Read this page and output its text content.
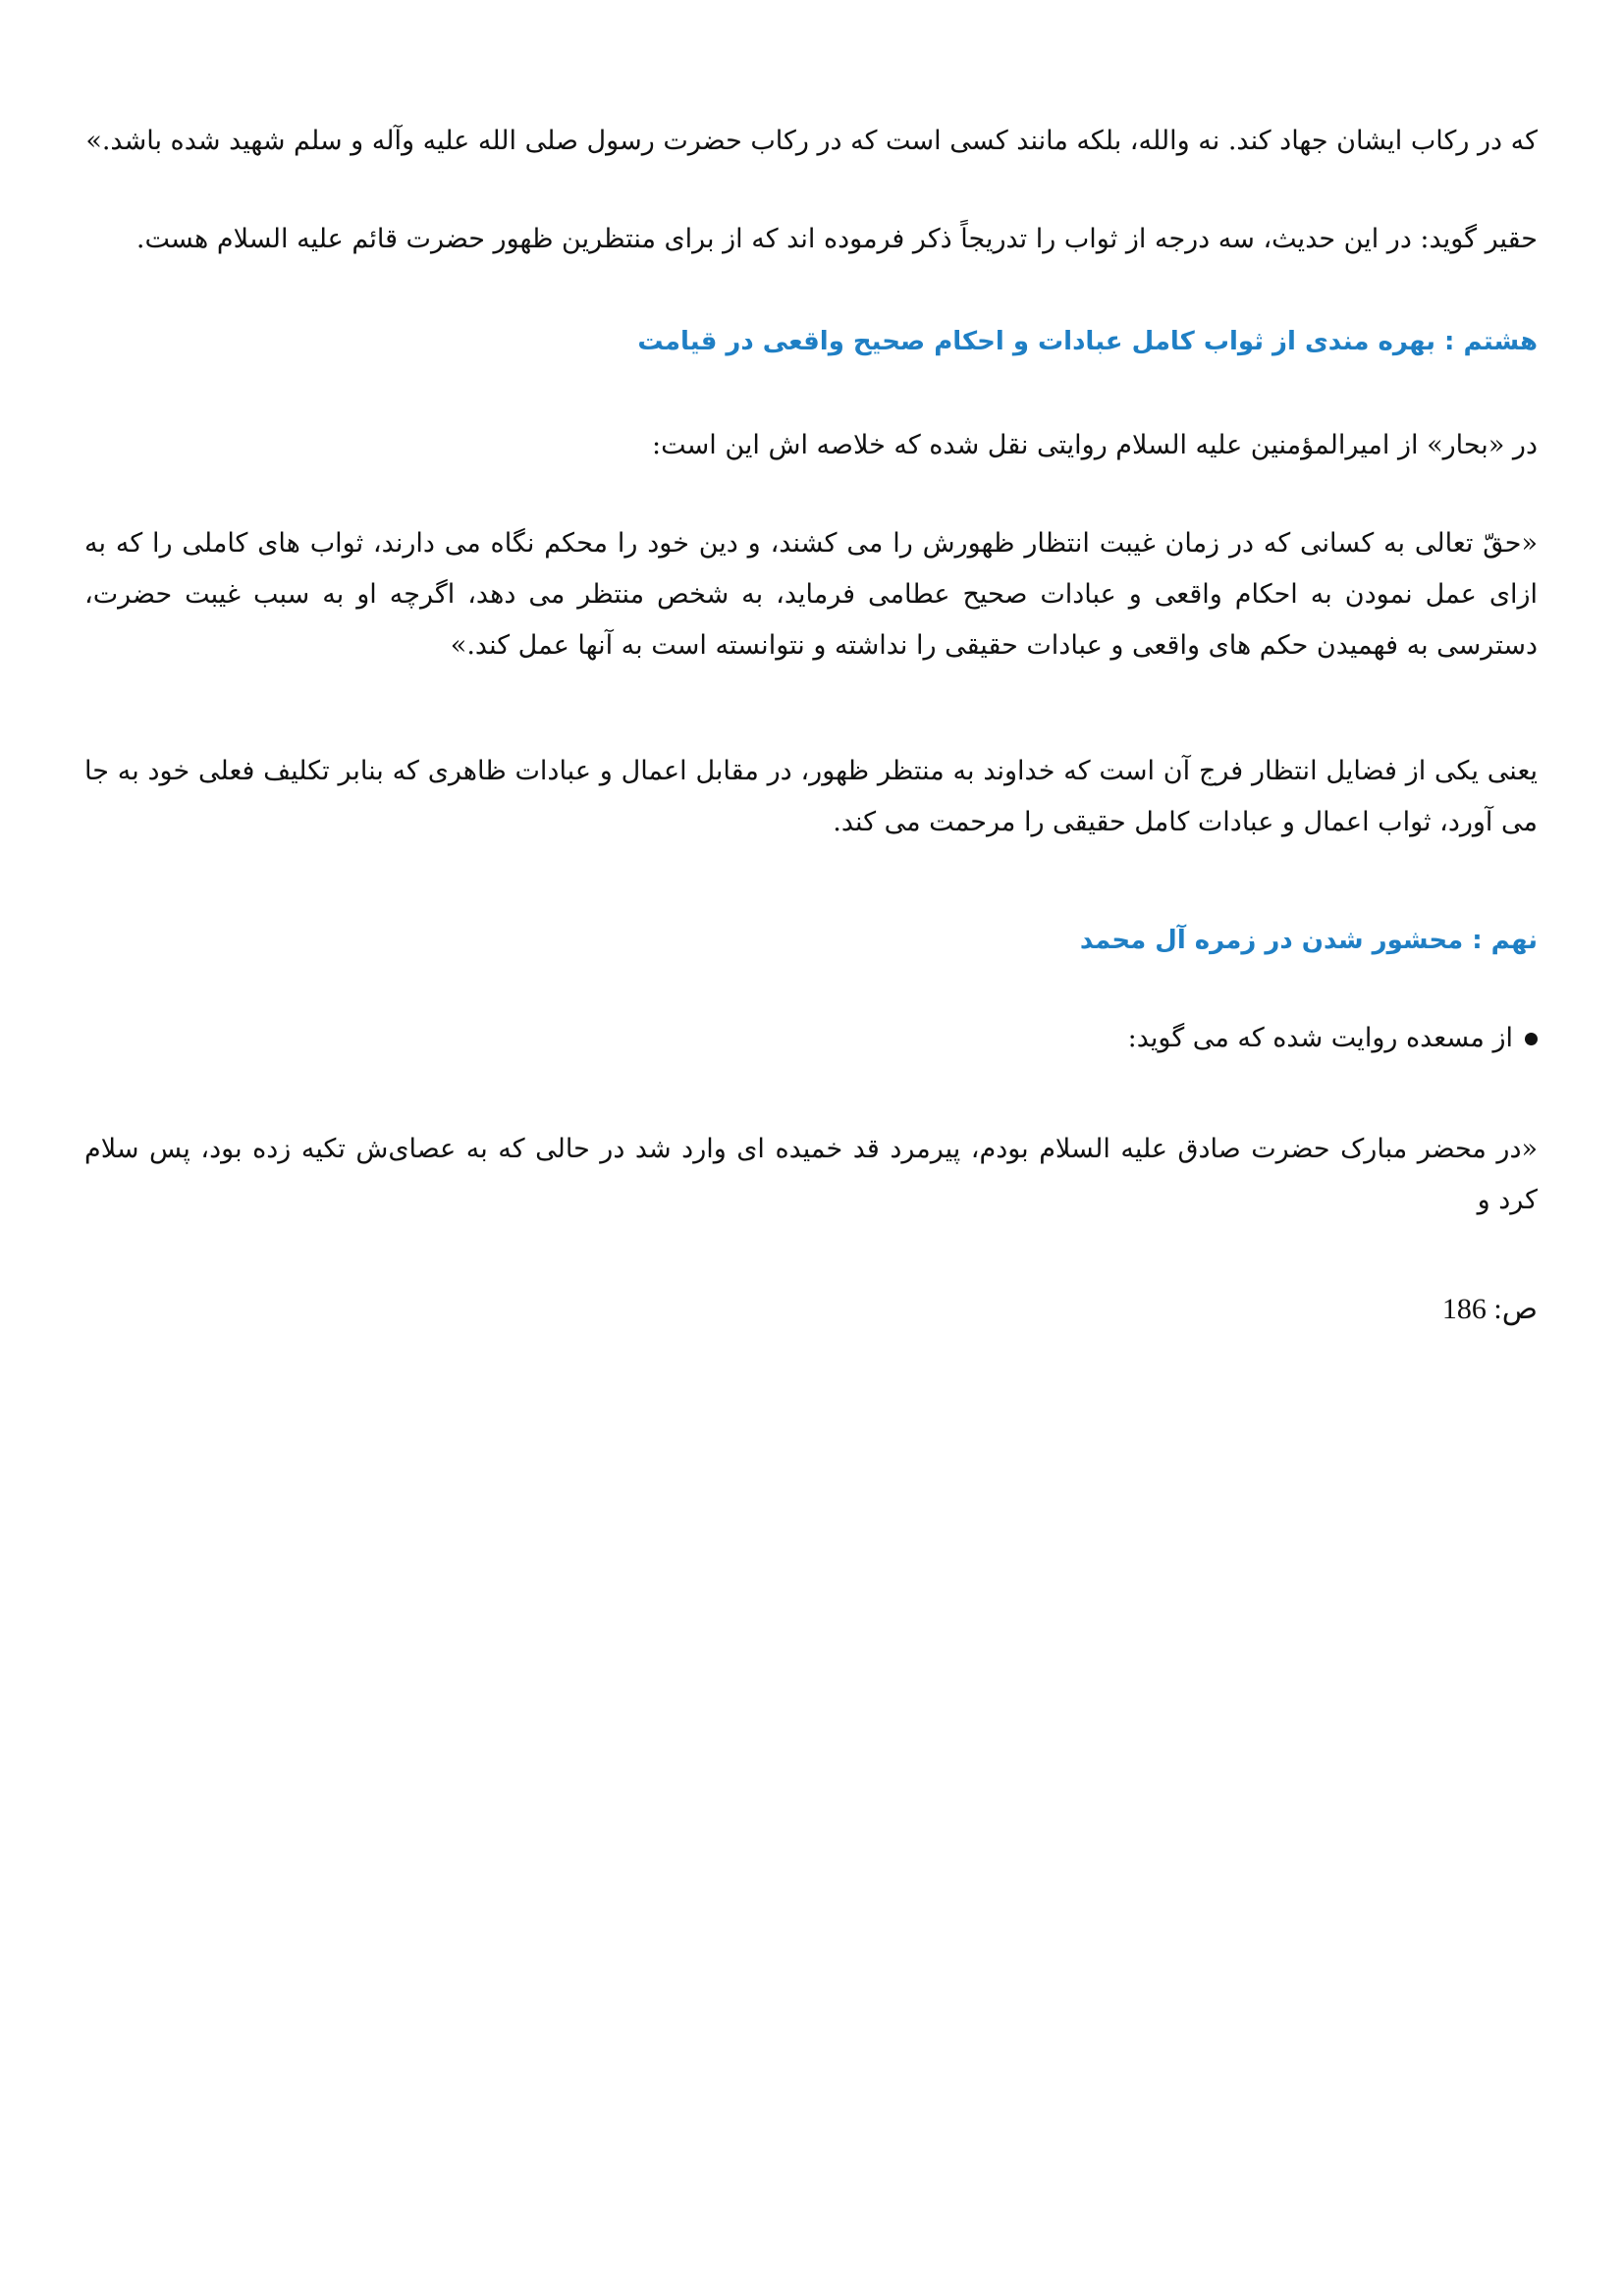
که در رکاب ایشان جهاد کند. نه والله، بلکه مانند کسی است که در رکاب حضرت رسول صلی الله علیه وآله و سلم شهید شده باشد.»

حقیر گوید: در این حدیث، سه درجه از ثواب را تدریجاً ذکر فرموده اند که از برای منتظرین ظهور حضرت قائم علیه السلام هست.

هشتم : بهره مندی از ثواب کامل عبادات و احکام صحیح واقعی در قیامت

در «بحار» از امیرالمؤمنین علیه السلام روایتی نقل شده که خلاصه اش این است:

«حقّ تعالی به کسانی که در زمان غیبت انتظار ظهورش را می کشند، و دین خود را محکم نگاه می دارند، ثواب های کاملی را که به ازای عمل نمودن به احکام واقعی و عبادات صحیح عطامی فرماید، به شخص منتظر می دهد، اگرچه او به سبب غیبت حضرت، دسترسی به فهمیدن حکم های واقعی و عبادات حقیقی را نداشته و نتوانسته است به آنها عمل کند.»

یعنی یکی از فضایل انتظار فرج آن است که خداوند به منتظر ظهور، در مقابل اعمال و عبادات ظاهری که بنابر تکلیف فعلی خود به جا می آورد، ثواب اعمال و عبادات کامل حقیقی را مرحمت می کند.

نهم : محشور شدن در زمره آل محمد

از مسعده روایت شده که می گوید:

«در محضر مبارک حضرت صادق علیه السلام بودم، پیرمرد قد خمیده ای وارد شد در حالی که به عصای‌ش تکیه زده بود، پس سلام کرد و

ص: 186
